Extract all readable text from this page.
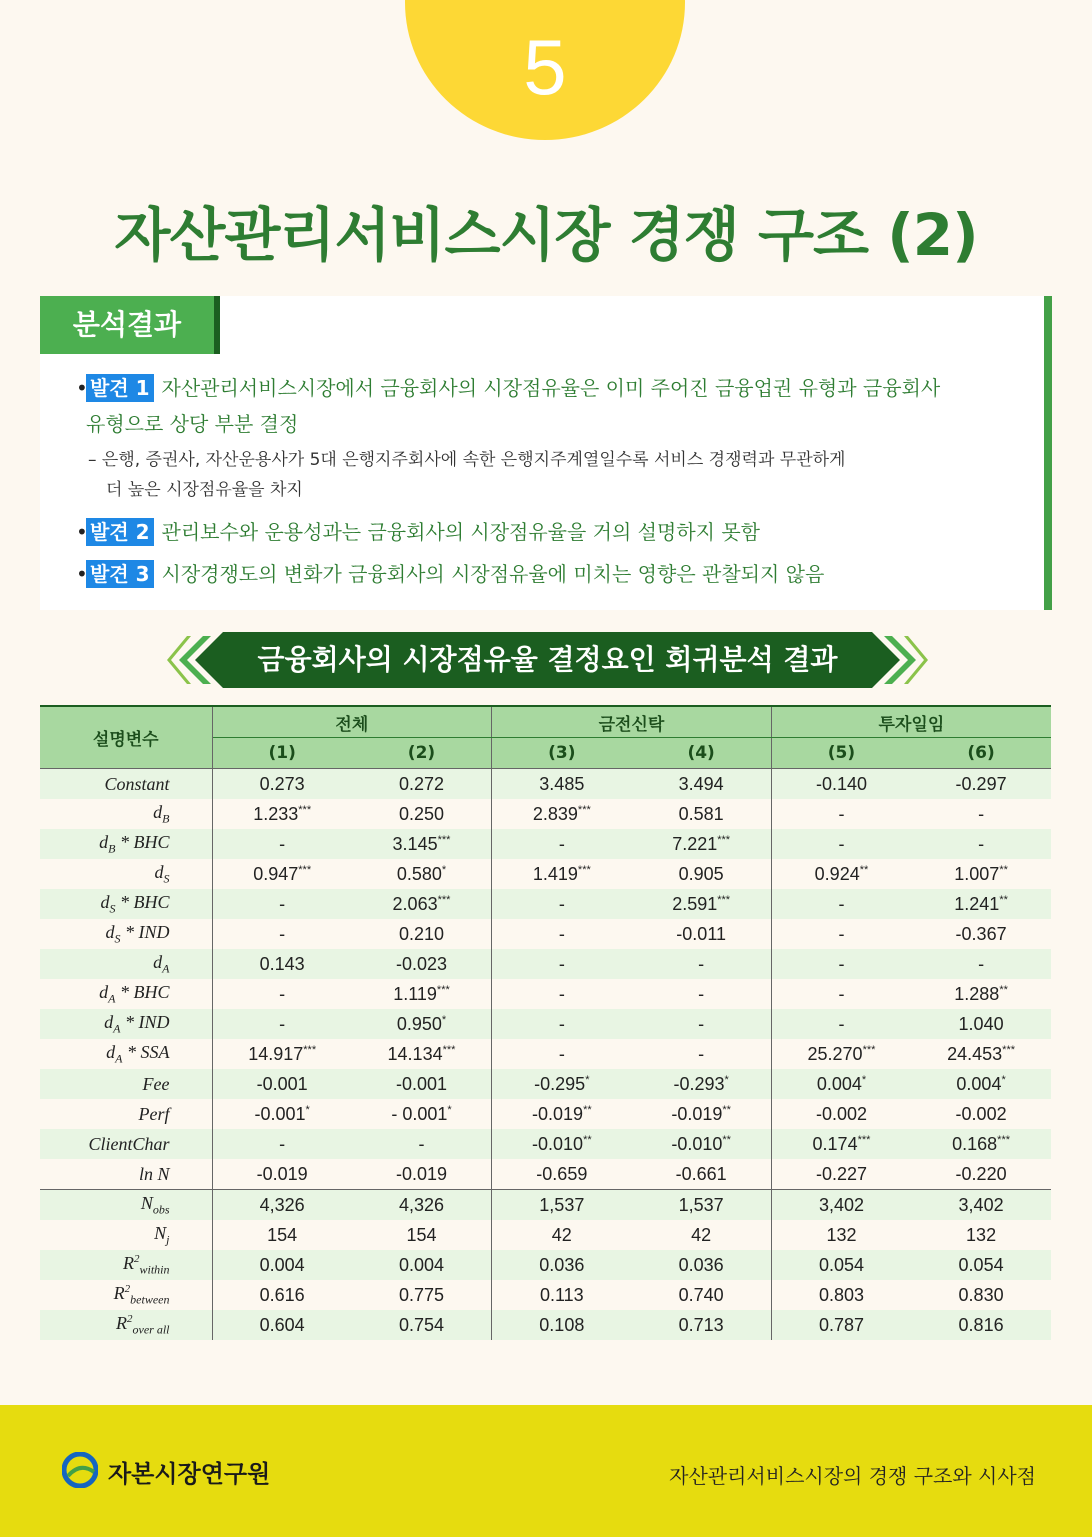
5
자산관리서비스시장 경쟁 구조 (2)
분석결과
• 발견 1 자산관리서비스시장에서 금융회사의 시장점유율은 이미 주어진 금융업권 유형과 금융회사
유형으로 상당 부분 결정
– 은행, 증권사, 자산운용사가 5대 은행지주회사에 속한 은행지주계열일수록 서비스 경쟁력과 무관하게
더 높은 시장점유율을 차지
• 발견 2 관리보수와 운용성과는 금융회사의 시장점유율을 거의 설명하지 못함
• 발견 3 시장경쟁도의 변화가 금융회사의 시장점유율에 미치는 영향은 관찰되지 않음
금융회사의 시장점유율 결정요인 회귀분석 결과
설명변수	전체		금전신탁		투자일임	
	(1)	(2)	(3)	(4)	(5)	(6)
Constant	0.273	0.272	3.485	3.494	-0.140	-0.297
$d_B$	1.233***	0.250	2.839***	0.581	-	-
$d_B$ * BHC	-	3.145***	-	7.221***	-	-
$d_S$	0.947***	0.580*	1.419***	0.905	0.924**	1.007**
$d_S$ * BHC	-	2.063***	-	2.591***	-	1.241**
$d_S$ * IND	-	0.210	-	-0.011	-	-0.367
$d_A$	0.143	-0.023	-	-	-	-
$d_A$ * BHC	-	1.119***	-	-	-	1.288**
$d_A$ * IND	-	0.950*	-	-	-	1.040
$d_A$ * SSA	14.917***	14.134***	-	-	25.270***	24.453***
Fee	-0.001	-0.001	-0.295*	-0.293*	0.004*	0.004*
Perf	-0.001*	- 0.001*	-0.019**	-0.019**	-0.002	-0.002
ClientChar	-	-	-0.010**	-0.010**	0.174***	0.168***
ln N	-0.019	-0.019	-0.659	-0.661	-0.227	-0.220
$N_{obs}$	4,326	4,326	1,537	1,537	3,402	3,402
$N_j$	154	154	42	42	132	132
$R^2_{within}$	0.004	0.004	0.036	0.036	0.054	0.054
$R^2_{between}$	0.616	0.775	0.113	0.740	0.803	0.830
$R^2_{over all}$	0.604	0.754	0.108	0.713	0.787	0.816
자본시장연구원	자산관리서비스시장의 경쟁 구조와 시사점
